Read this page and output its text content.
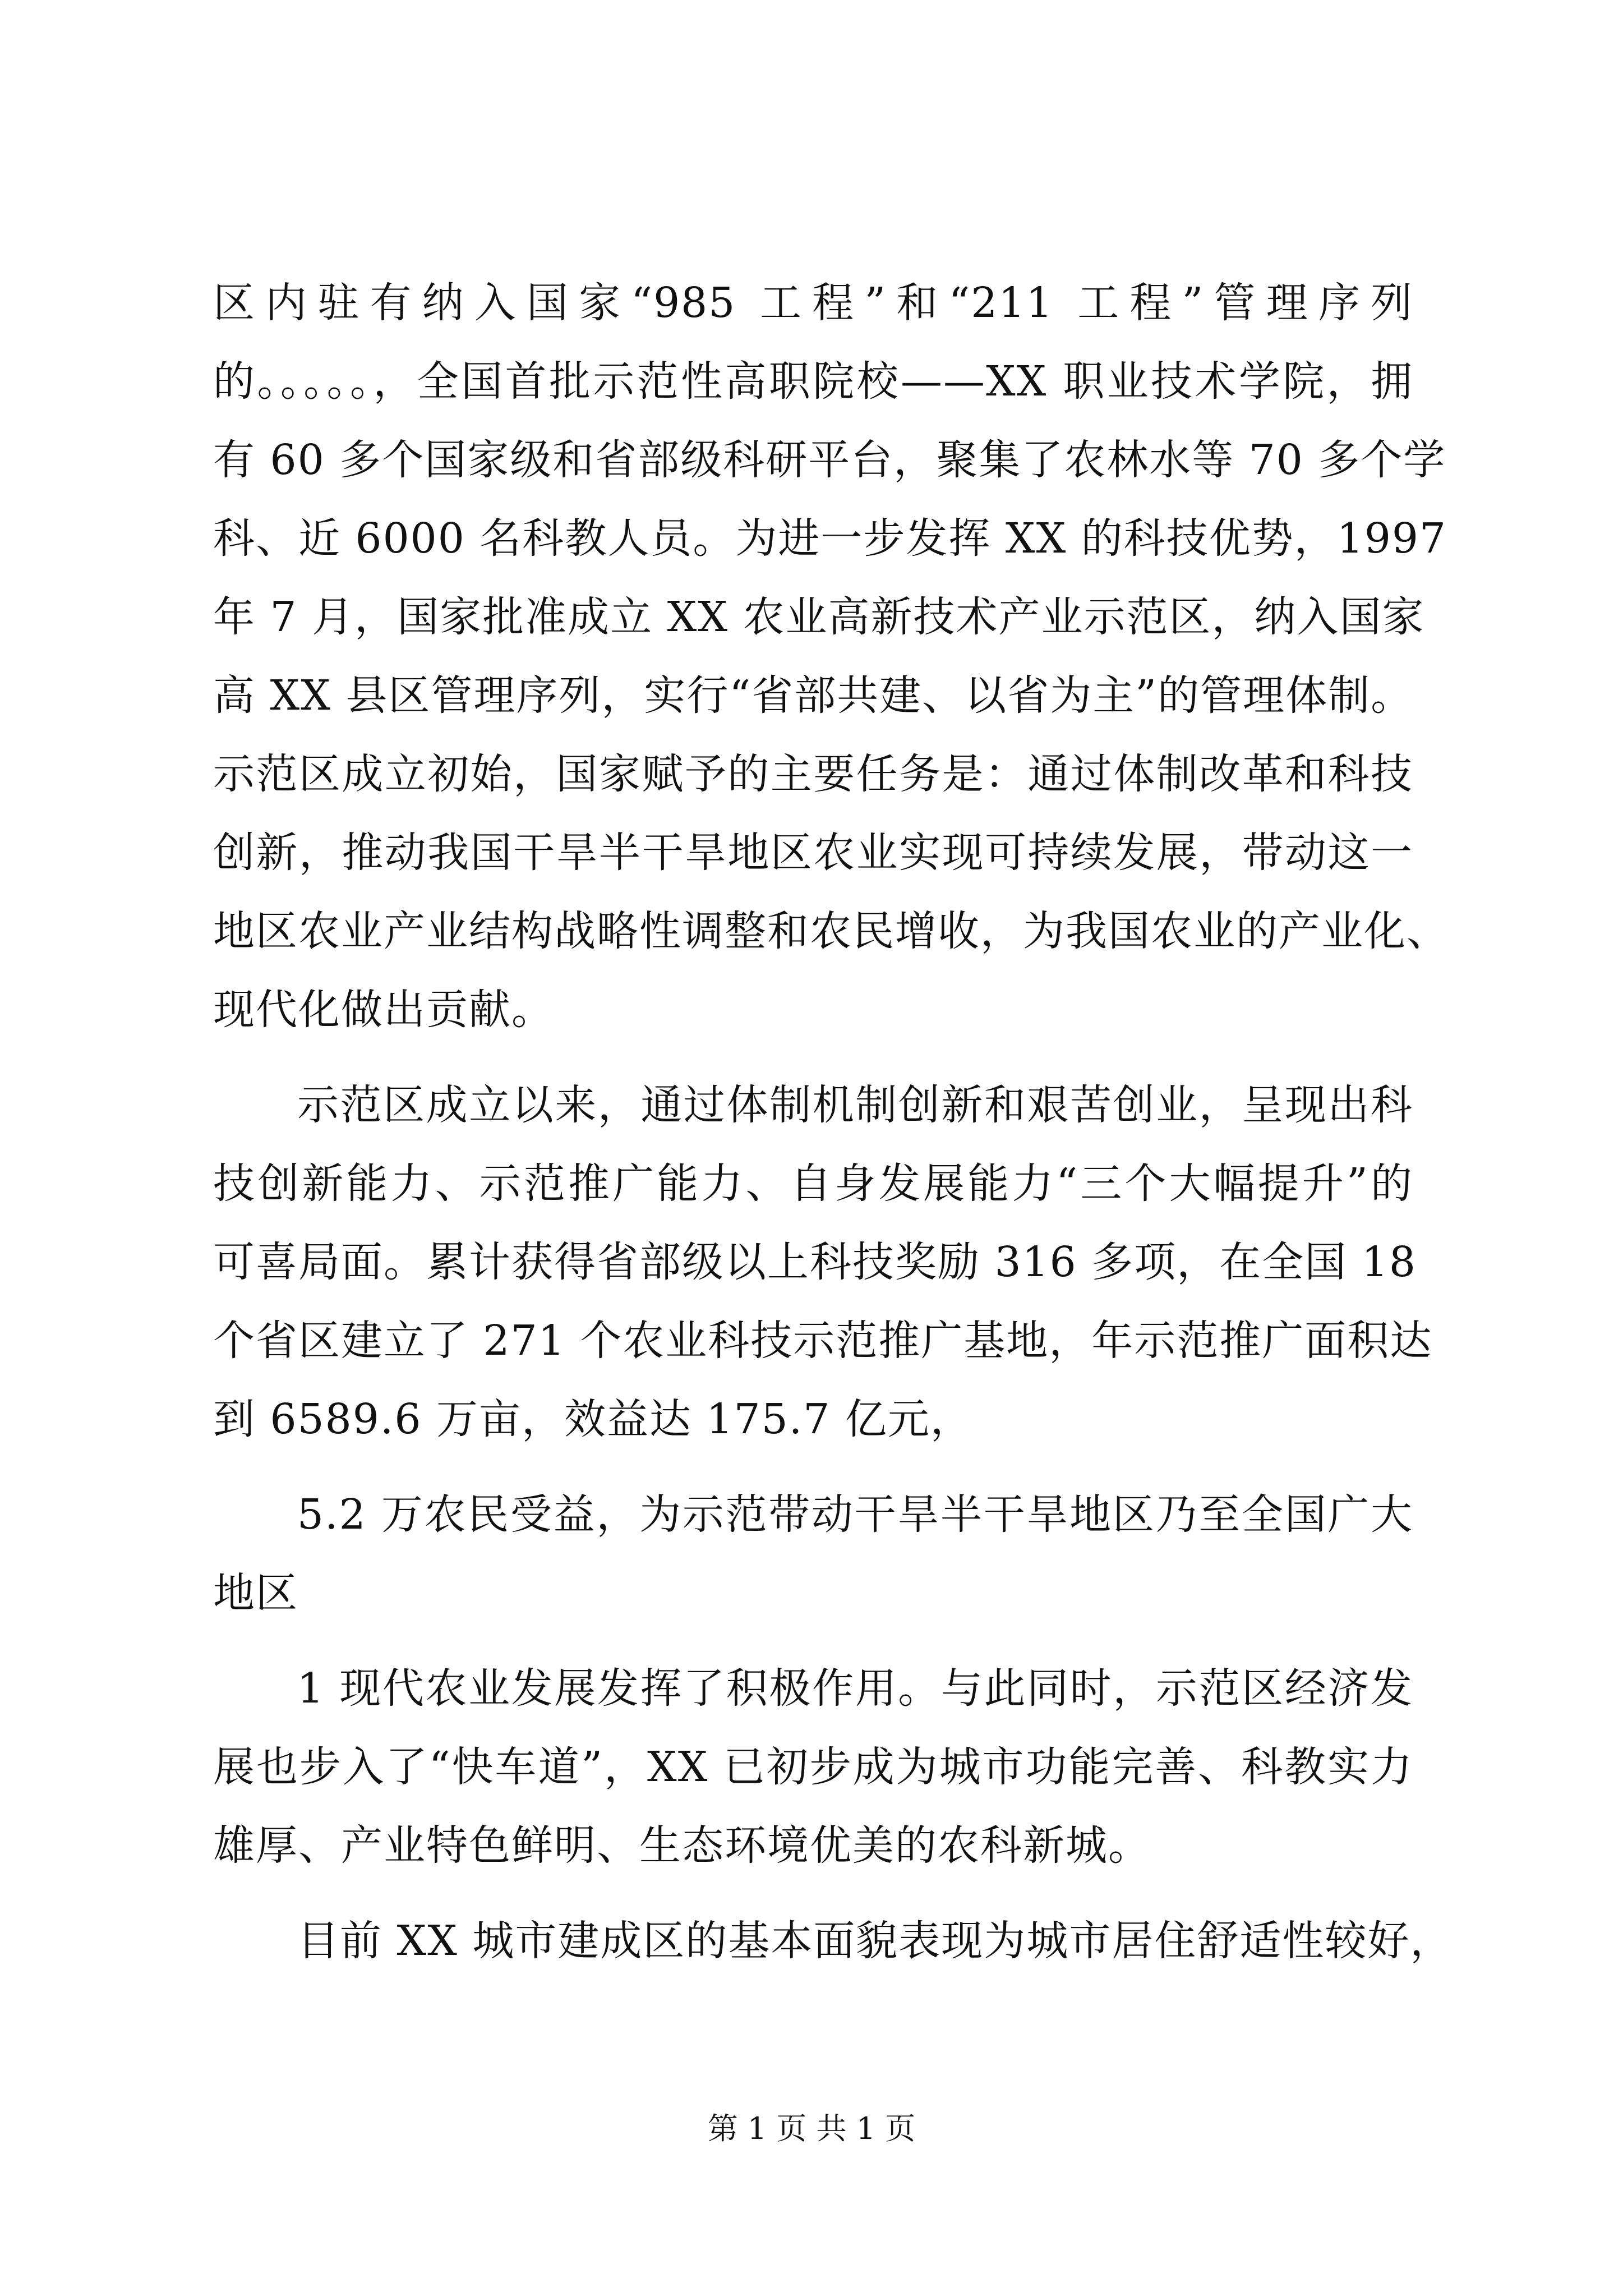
区内驻有纳入国家“985 工程”和“211 工程”管理序列
的。。。。。，全国首批示范性高职院校——XX 职业技术学院，拥
有 60 多个国家级和省部级科研平台，聚集了农林水等 70 多个学
科、近 6000 名科教人员。为进一步发挥 XX 的科技优势，1997
年 7 月，国家批准成立 XX 农业高新技术产业示范区，纳入国家
高 XX 县区管理序列，实行“省部共建、以省为主”的管理体制。
示范区成立初始，国家赋予的主要任务是：通过体制改革和科技
创新，推动我国干旱半干旱地区农业实现可持续发展，带动这一
地区农业产业结构战略性调整和农民增收，为我国农业的产业化、
现代化做出贡献。
示范区成立以来，通过体制机制创新和艰苦创业，呈现出科
技创新能力、示范推广能力、自身发展能力“三个大幅提升”的
可喜局面。累计获得省部级以上科技奖励 316 多项，在全国 18
个省区建立了 271 个农业科技示范推广基地，年示范推广面积达
到 6589.6 万亩，效益达 175.7 亿元，
5.2 万农民受益，为示范带动干旱半干旱地区乃至全国广大
地区
1 现代农业发展发挥了积极作用。与此同时，示范区经济发
展也步入了“快车道”，XX 已初步成为城市功能完善、科教实力
雄厚、产业特色鲜明、生态环境优美的农科新城。
目前 XX 城市建成区的基本面貌表现为城市居住舒适性较好，
第 1 页 共 1 页
